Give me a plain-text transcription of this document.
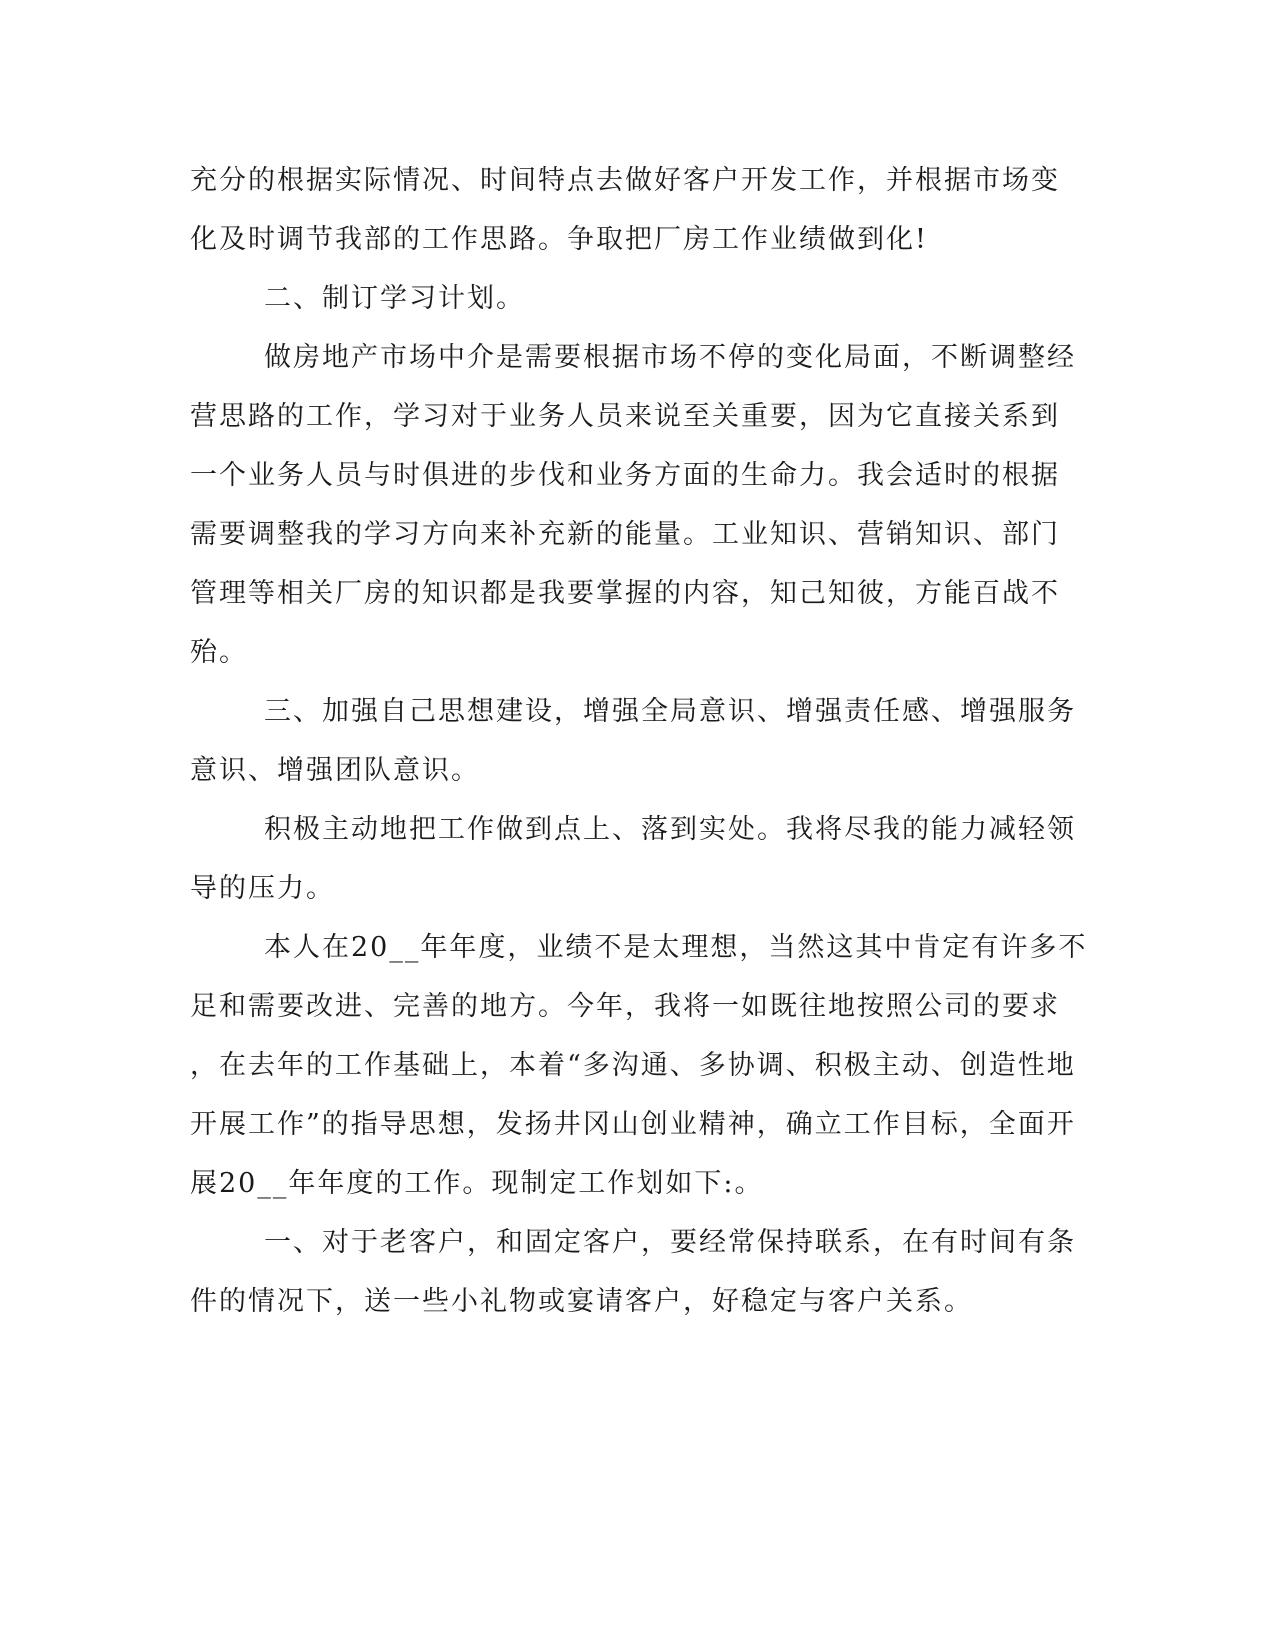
充分的根据实际情况、时间特点去做好客户开发工作，并根据市场变
化及时调节我部的工作思路。争取把厂房工作业绩做到化!
二、制订学习计划。
做房地产市场中介是需要根据市场不停的变化局面，不断调整经
营思路的工作，学习对于业务人员来说至关重要，因为它直接关系到
一个业务人员与时俱进的步伐和业务方面的生命力。我会适时的根据
需要调整我的学习方向来补充新的能量。工业知识、营销知识、部门
管理等相关厂房的知识都是我要掌握的内容，知己知彼，方能百战不
殆。
三、加强自己思想建设，增强全局意识、增强责任感、增强服务
意识、增强团队意识。
积极主动地把工作做到点上、落到实处。我将尽我的能力减轻领
导的压力。
本人在20__年年度，业绩不是太理想，当然这其中肯定有许多不
足和需要改进、完善的地方。今年，我将一如既往地按照公司的要求
，在去年的工作基础上，本着“多沟通、多协调、积极主动、创造性地
开展工作”的指导思想，发扬井冈山创业精神，确立工作目标，全面开
展20__年年度的工作。现制定工作划如下:。
一、对于老客户，和固定客户，要经常保持联系，在有时间有条
件的情况下，送一些小礼物或宴请客户，好稳定与客户关系。
